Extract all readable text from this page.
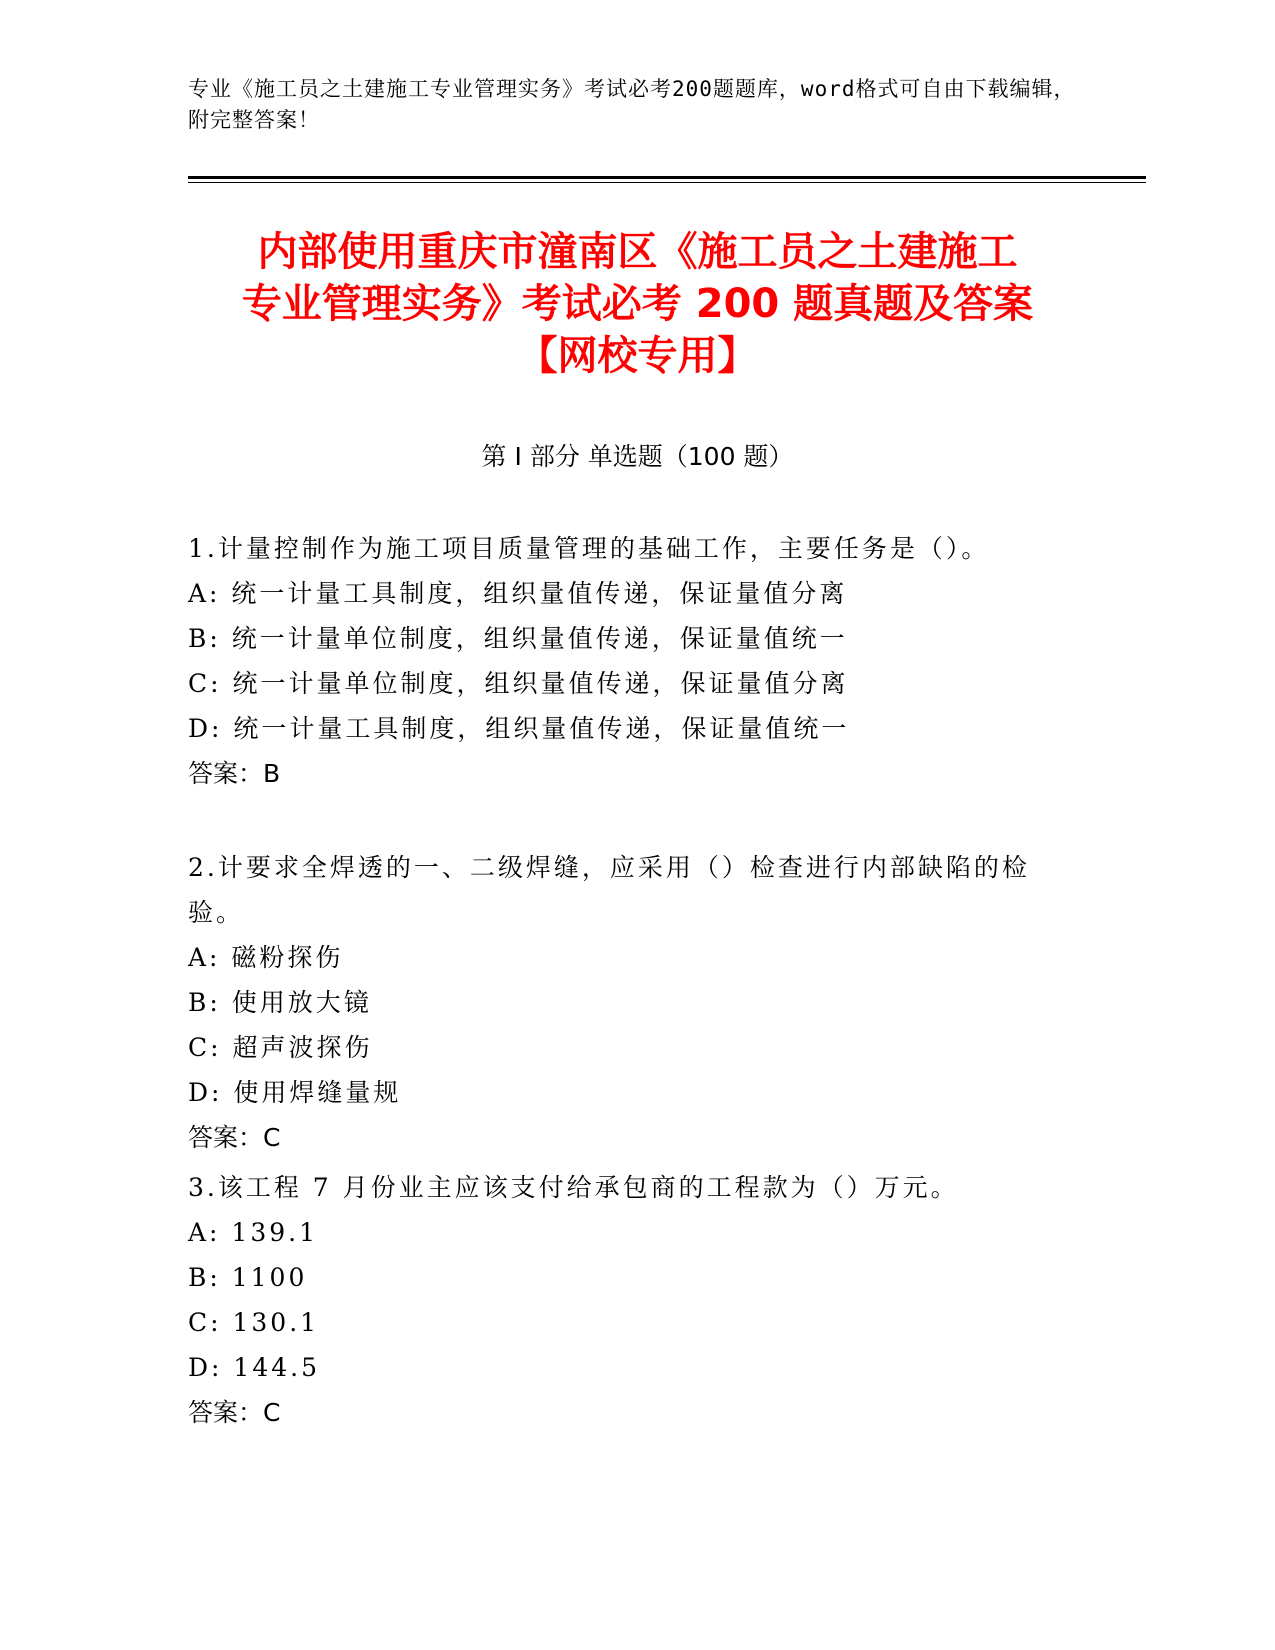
专业《施工员之土建施工专业管理实务》考试必考200题题库，word格式可自由下载编辑，附完整答案！
内部使用重庆市潼南区《施工员之土建施工
专业管理实务》考试必考 200 题真题及答案
【网校专用】
第 I 部分 单选题（100 题）
1.计量控制作为施工项目质量管理的基础工作，主要任务是（）。
A: 统一计量工具制度，组织量值传递，保证量值分离
B: 统一计量单位制度，组织量值传递，保证量值统一
C: 统一计量单位制度，组织量值传递，保证量值分离
D: 统一计量工具制度，组织量值传递，保证量值统一
答案：B
2.计要求全焊透的一、二级焊缝，应采用（）检查进行内部缺陷的检验。
A: 磁粉探伤
B: 使用放大镜
C: 超声波探伤
D: 使用焊缝量规
答案：C
3.该工程 7 月份业主应该支付给承包商的工程款为（）万元。
A: 139.1
B: 1100
C: 130.1
D: 144.5
答案：C
